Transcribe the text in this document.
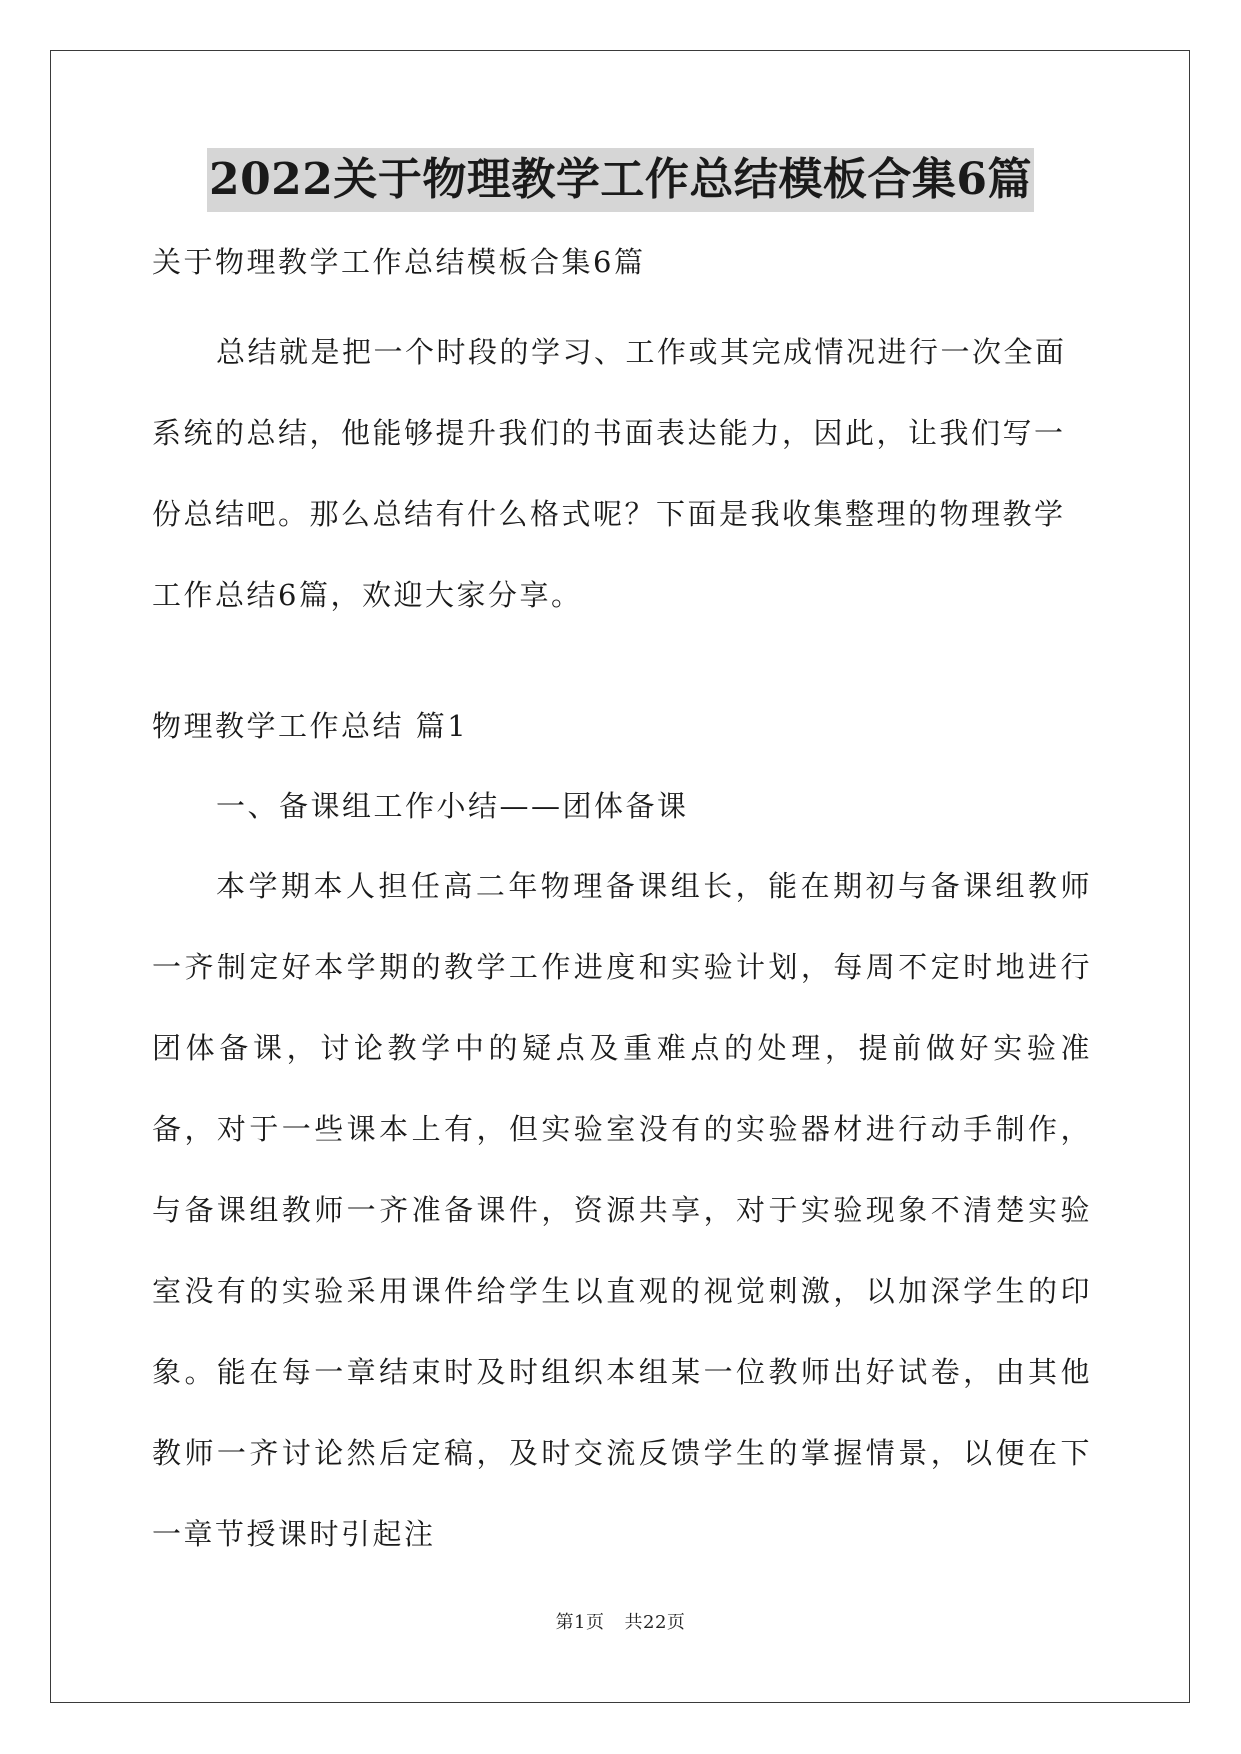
2022关于物理教学工作总结模板合集6篇

关于物理教学工作总结模板合集6篇

总结就是把一个时段的学习、工作或其完成情况进行一次全面系统的总结，他能够提升我们的书面表达能力，因此，让我们写一份总结吧。那么总结有什么格式呢？下面是我收集整理的物理教学工作总结6篇，欢迎大家分享。

物理教学工作总结 篇1

一、备课组工作小结——团体备课

本学期本人担任高二年物理备课组长，能在期初与备课组教师一齐制定好本学期的教学工作进度和实验计划，每周不定时地进行团体备课，讨论教学中的疑点及重难点的处理，提前做好实验准备，对于一些课本上有，但实验室没有的实验器材进行动手制作，与备课组教师一齐准备课件，资源共享，对于实验现象不清楚实验室没有的实验采用课件给学生以直观的视觉刺激，以加深学生的印象。能在每一章结束时及时组织本组某一位教师出好试卷，由其他教师一齐讨论然后定稿，及时交流反馈学生的掌握情景，以便在下一章节授课时引起注

第1页 共22页
